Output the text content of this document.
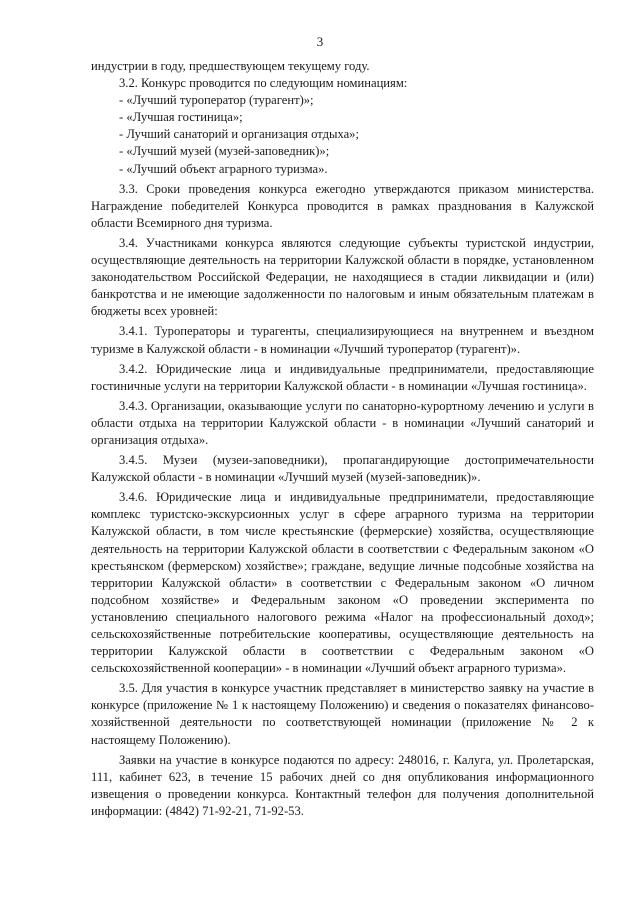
3

индустрии в году, предшествующем текущему году.

3.2. Конкурс проводится по следующим номинациям:

- «Лучший туроператор (турагент)»;

- «Лучшая гостиница»;

- Лучший санаторий и организация отдыха»;

- «Лучший музей (музей-заповедник)»;

- «Лучший объект аграрного туризма».

3.3. Сроки проведения конкурса ежегодно утверждаются приказом министерства. Награждение победителей Конкурса проводится в рамках празднования в Калужской области Всемирного дня туризма.

3.4. Участниками конкурса являются следующие субъекты туристской индустрии, осуществляющие деятельность на территории Калужской области в порядке, установленном законодательством Российской Федерации, не находящиеся в стадии ликвидации и (или) банкротства и не имеющие задолженности по налоговым и иным обязательным платежам в бюджеты всех уровней:

3.4.1. Туроператоры и турагенты, специализирующиеся на внутреннем и въездном туризме в Калужской области - в номинации «Лучший туроператор (турагент)».

3.4.2. Юридические лица и индивидуальные предприниматели, предоставляющие гостиничные услуги на территории Калужской области - в номинации «Лучшая гостиница».

3.4.3. Организации, оказывающие услуги по санаторно-курортному лечению и услуги в области отдыха на территории Калужской области - в номинации «Лучший санаторий и организация отдыха».

3.4.5. Музеи (музеи-заповедники), пропагандирующие достопримечательности Калужской области - в номинации «Лучший музей (музей-заповедник)».

3.4.6. Юридические лица и индивидуальные предприниматели, предоставляющие комплекс туристско-экскурсионных услуг в сфере аграрного туризма на территории Калужской области, в том числе крестьянские (фермерские) хозяйства, осуществляющие деятельность на территории Калужской области в соответствии с Федеральным законом «О крестьянском (фермерском) хозяйстве»; граждане, ведущие личные подсобные хозяйства на территории Калужской области» в соответствии с Федеральным законом «О личном подсобном хозяйстве» и Федеральным законом «О проведении эксперимента по установлению специального налогового режима «Налог на профессиональный доход»; сельскохозяйственные потребительские кооперативы, осуществляющие деятельность на территории Калужской области в соответствии с Федеральным законом «О сельскохозяйственной кооперации» - в номинации «Лучший объект аграрного туризма».

3.5. Для участия в конкурсе участник представляет в министерство заявку на участие в конкурсе (приложение № 1 к настоящему Положению) и сведения о показателях финансово-хозяйственной деятельности по соответствующей номинации (приложение № 2 к настоящему Положению).

Заявки на участие в конкурсе подаются по адресу: 248016, г. Калуга, ул. Пролетарская, 111, кабинет 623, в течение 15 рабочих дней со дня опубликования информационного извещения о проведении конкурса. Контактный телефон для получения дополнительной информации: (4842) 71-92-21, 71-92-53.
